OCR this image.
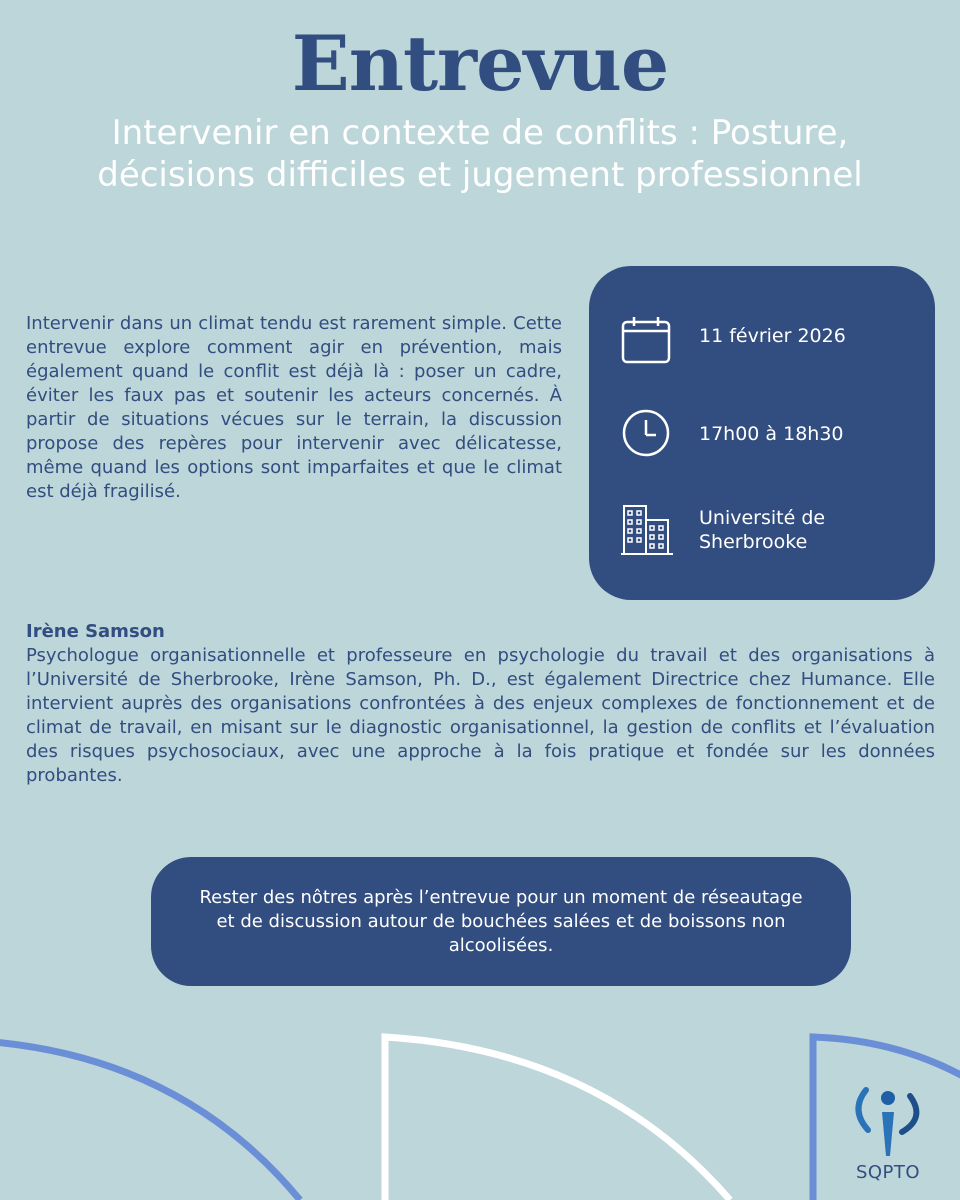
Entrevue
Intervenir en contexte de conflits : Posture, décisions difficiles et jugement professionnel
Intervenir dans un climat tendu est rarement simple. Cette entrevue explore comment agir en prévention, mais également quand le conflit est déjà là : poser un cadre, éviter les faux pas et soutenir les acteurs concernés. À partir de situations vécues sur le terrain, la discussion propose des repères pour intervenir avec délicatesse, même quand les options sont imparfaites et que le climat est déjà fragilisé.
11 février 2026
17h00 à 18h30
Université de Sherbrooke
Irène Samson
Psychologue organisationnelle et professeure en psychologie du travail et des organisations à l’Université de Sherbrooke, Irène Samson, Ph. D., est également Directrice chez Humance. Elle intervient auprès des organisations confrontées à des enjeux complexes de fonctionnement et de climat de travail, en misant sur le diagnostic organisationnel, la gestion de conflits et l’évaluation des risques psychosociaux, avec une approche à la fois pratique et fondée sur les données probantes.
Rester des nôtres après l’entrevue pour un moment de réseautage et de discussion autour de bouchées salées et de boissons non alcoolisées.
SQPTO
